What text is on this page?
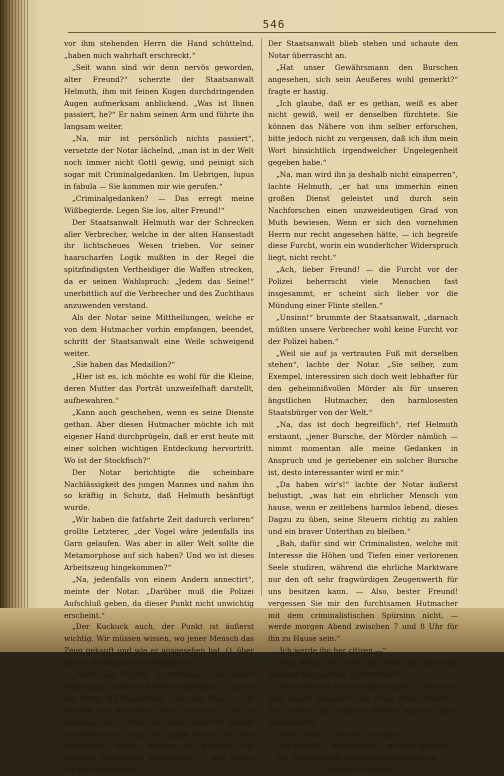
546

vor ihm stehenden Herrn die Hand schüttelnd, „haben mich wahrhaft erschreckt.“

„Seit wann sind wir denn nervös geworden, alter Freund?“ scherzte der Staatsanwalt Helmuth, ihm mit feinen Kugen durchdringenden Augen aufmerksam anblickend. „Was ist Ihnen passiert, he?“ Er nahm seinen Arm und führte ihn langsam weiter.

„Na, mir ist persönlich nichts passiert“, versetzte der Notar lächelnd, „man ist in der Welt noch immer nicht Gottl gewig, und peinigt sich sogar mit Criminalgedanken. Im Uebrigen, lupus in fabula — Sie kommen mir wie gerufen.“

„Criminalgedanken? — Das erregt meine Wißbegierde. Legen Sie los, alter Freund!“

Der Staatsanwalt Helmuth war der Schrecken aller Verbrecher, welche in der alten Hansestadt ihr lichtscheues Wesen trieben. Vor seiner haarscharfen Logik mußten in der Regel die spitzfindigsten Vertheidiger die Waffen strecken, da er seinen Wahlspruch: „Jedem das Seine!“ unerbittlich auf die Verbrecher und des Zuchthaus anzuwenden verstand.

Als der Notar seine Mittheilungen, welche er von dem Hutmacher vorhin empfangen, beendet, schritt der Staatsanwalt eine Weile schweigend weiter.

„Sie haben das Medaillon?“

„Hier ist es, ich möchte es wohl für die Kleine, deren Mutter das Porträt unzweifelhaft darstellt, aufbewahren.“

„Kann auch geschehen, wenn es seine Dienste gethan. Aber diesen Hutmacher möchte ich mit eigener Hand durchprügeln, daß er erst heute mit einer solchen wichtigen Entdeckung hervortritt. Wo ist der Stockfisch?“

Der Notar berichtigte die scheinbare Nachlässigkeit des jungen Mannes und nahm ihn so kräftig in Schutz, daß Helmuth besänftigt wurde.

„Wir haben die fatfahrte Zeit dadurch verloren“ grollte Letzterer, „der Vogel wäre jedenfalls ins Garn gelaufen. Was aber in aller Welt sollte die Metamorphose auf sich haben? Und wo ist dieses Arbeitszeug hingekommen?“

„Na, jedenfalls von einem Andern annectirt“, meinte der Notar. „Darüber muß die Polizei Aufschluß geben, da dieser Punkt nicht unwichtig erscheint.“

„Der Kuckuck auch, der Punkt ist äußerst wichtig. Wir müssen wissen, wo jener Mensch das Zeug gekauft und wie er ausgesehen hat. O, über diesen Dummkopf von Hutmacher!“

„Nach dem Porträt zu urtheilen, muß unser Mann ganz anderen Kreisen angehören“, sprach der Notar mit Nachdruck, „und das Kind. — Sie werden sich desselben doch erinnern, — ist zu ebenfalls und schön, um dem niederen Stande entsprossen zu sein. Ich sagte Ihnen von dem vornehmen Herrn, welcher so plötzlich bei unserem Hutmacher aufgetaucht, — was halten Sie von demselben?“

Der Staatsanwalt blieb stehen und schaute den Notar überrascht an.

„Hat unser Gewährsmann den Burschen angesehen, sich sein Aeußeres wohl gemerkt?“ fragte er hastig.

„Ich glaube, daß er es gethan, weiß es aber nicht gewiß, weil er denselben fürchtete. Sie können das Nähere von ihm selber erforschen, bitte jedoch nicht zu vergessen, daß ich ihm mein Wort hinsichtlich irgendwelcher Ungelegenheit gegeben habe.“

„Na, man wird ihn ja deshalb nicht einsperren“, lachte Helmuth, „er hat uns immerhin einen großen Dienst geleistet und durch sein Nachforschen einen unzweideutigen Grad von Muth bewiesen. Wenn er sich den vornehmen Herrn nur recht angesehen hätte, — ich begreife diese Furcht, worin ein wunderlicher Widerspruch liegt, nicht recht.“

„Ach, lieber Freund! — die Furcht vor der Polizei beherrscht viele Menschen fast insgesammt, er scheint sich lieber vor die Mündung einer Flinte stellen.“

„Unsinn!“ brummte der Staatsanwalt, „darnach müßten unsere Verbrecher wohl keine Furcht vor der Polizei haben.“

„Weil sie auf ja vertrauten Fuß mit derselben stehen“, lachte der Notar. „Sie selber, zum Exempel, interessiren sich doch weit lebhafter für den geheimnißvollen Mörder als für unseren ängstlichen Hutmacher, den harmlosesten Staatsbürger von der Welt.“

„Na, das ist doch begreiflich“, rief Helmuth erstaunt, „jener Bursche, der Mörder nämlich — nimmt momentan alle meine Gedanken in Anspruch und je geriebener ein solcher Bursche ist, desto interessanter wird er mir.“

„Da haben wir's!“ lachte der Notar äußerst belustigt, „was hat ein ehrlicher Mensch von hause, wenn er zeitlebens harmlos lebend, dieses Dagzu zu üben, seine Steuern richtig zu zahlen und ein braver Unterthan zu bleiben.“

„Bah, dafür sind wir Criminalisten, welche mit Interesse die Höhen und Tiefen einer verlorenen Seele studiren, während die ehrliche Marktware nur den oft sehr fragwürdigen Zeugenwerth für uns besitzen kann. — Also, bester Freund! vergessen Sie mir den furchtsamen Hutmacher mit dem criminalistischen Spürsinn nicht, — werde morgen Abend zwischen 7 und 8 Uhr für ihn zu Hause sein.“

„Ich werde ihn her citiren —“

„Gut, gehen Sie noch ein wenig mit mir oder kommen Sie nachher in den Club?“

„Will sehen, ob ich's möglich mache. — Apropos, eine zweite Neuigkeit, die junge Gräfin Altorf — Sie wissen, die frühere Wittwe unseres alten Nonnenburg —

„Weiß, weiß, — was ist's mit der?“

„Sie ist todt — erschossen — im Duell gefallen.“

Der Staatsanwalt blickte ihn erschreckt an.

(Fortsetzung folgt.)
